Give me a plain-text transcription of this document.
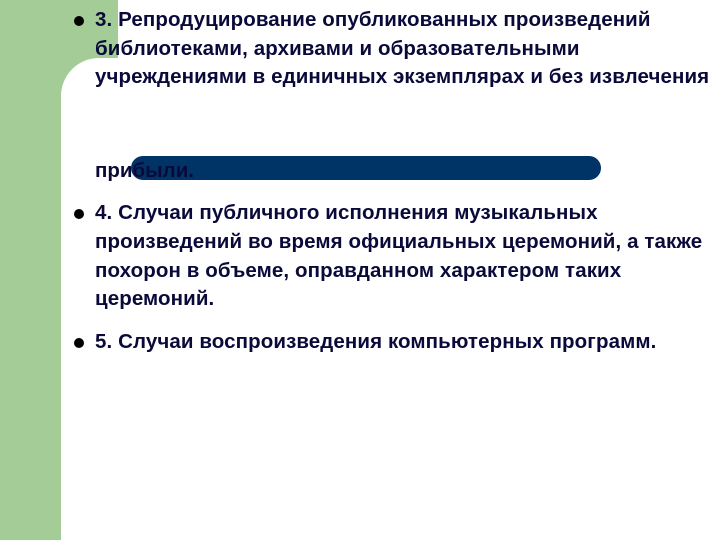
3. Репродуцирование опубликованных произведений библиотеками, архивами и образовательными учреждениями в единичных экземплярах и без извлечения
прибыли.
4. Случаи публичного исполнения музыкальных произведений во время официальных церемоний, а также похорон в объеме, оправданном характером таких церемоний.
5. Случаи воспроизведения компьютерных программ.
